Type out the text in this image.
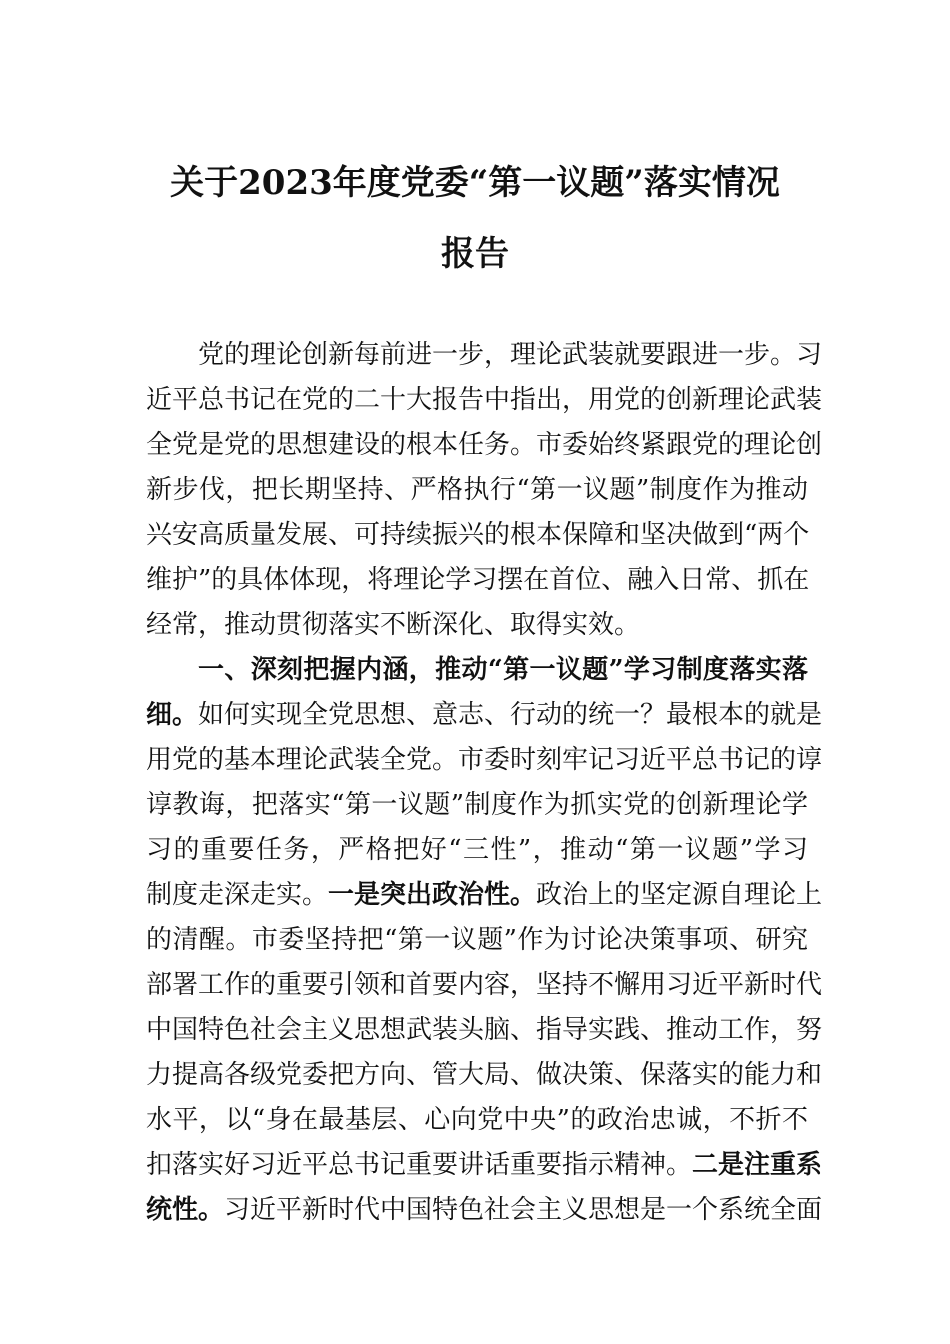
关于2023年度党委“第一议题”落实情况
报告

党的理论创新每前进一步，理论武装就要跟进一步。习

近平总书记在党的二十大报告中指出，用党的创新理论武装

全党是党的思想建设的根本任务。市委始终紧跟党的理论创

新步伐，把长期坚持、严格执行“第一议题”制度作为推动

兴安高质量发展、可持续振兴的根本保障和坚决做到“两个

维护”的具体体现，将理论学习摆在首位、融入日常、抓在

经常，推动贯彻落实不断深化、取得实效。

一、深刻把握内涵，推动“第一议题”学习制度落实落

细。如何实现全党思想、意志、行动的统一？最根本的就是

用党的基本理论武装全党。市委时刻牢记习近平总书记的谆

谆教诲，把落实“第一议题”制度作为抓实党的创新理论学

习的重要任务，严格把好“三性”，推动“第一议题”学习

制度走深走实。一是突出政治性。政治上的坚定源自理论上

的清醒。市委坚持把“第一议题”作为讨论决策事项、研究

部署工作的重要引领和首要内容，坚持不懈用习近平新时代

中国特色社会主义思想武装头脑、指导实践、推动工作，努

力提高各级党委把方向、管大局、做决策、保落实的能力和

水平，以“身在最基层、心向党中央”的政治忠诚，不折不

扣落实好习近平总书记重要讲话重要指示精神。二是注重系

统性。习近平新时代中国特色社会主义思想是一个系统全面
